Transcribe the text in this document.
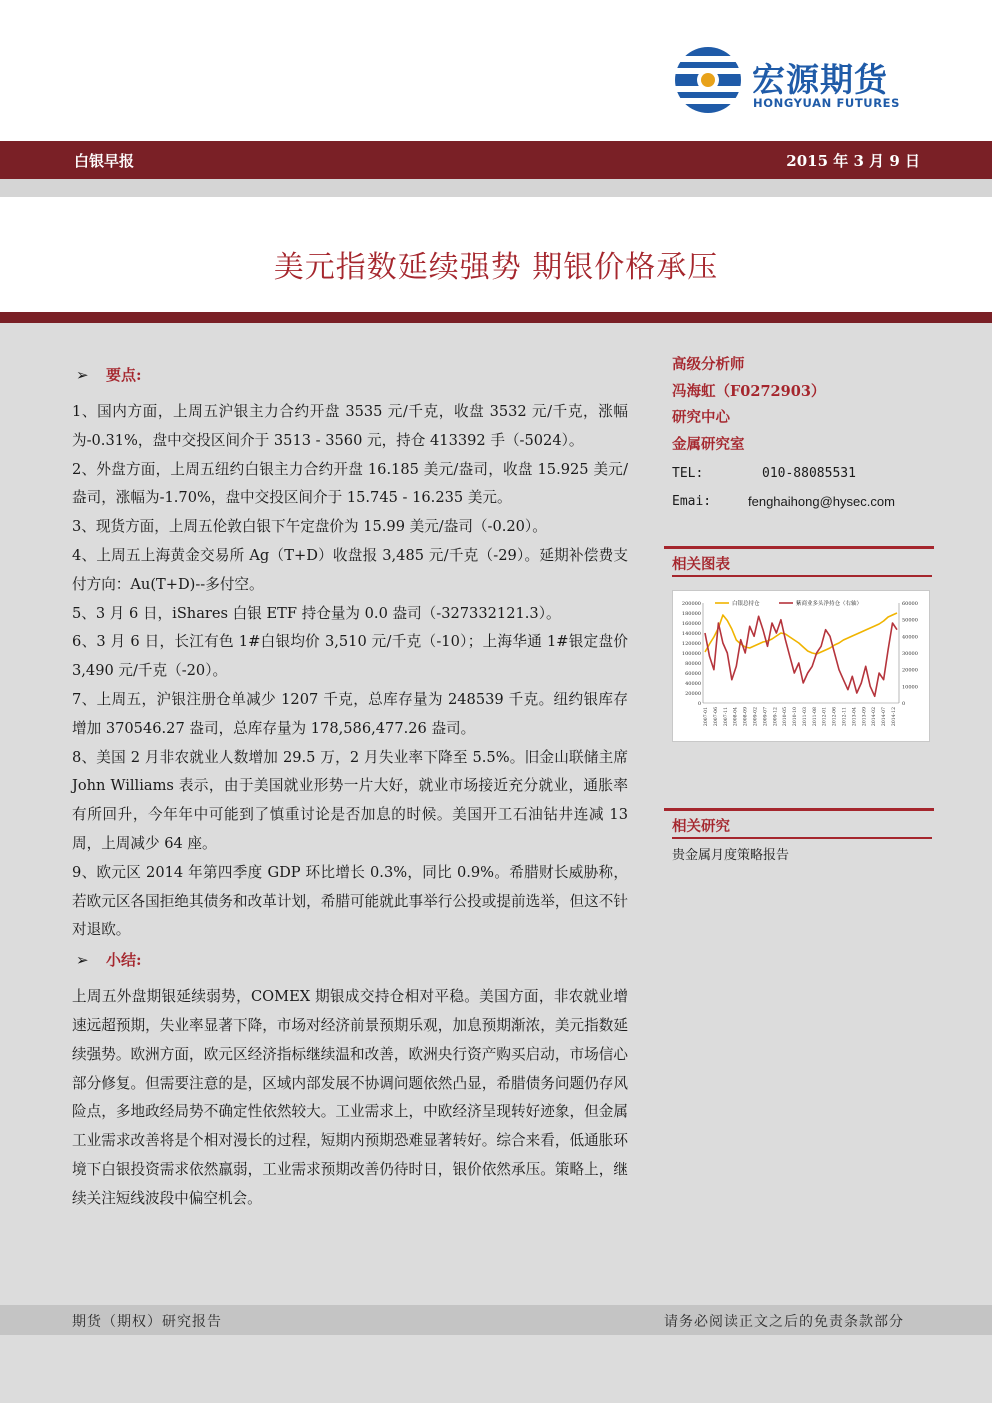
宏源期货
HONGYUAN FUTURES
白银早报	2015 年 3 月 9 日
美元指数延续强势 期银价格承压
➢	要点:
1、国内方面，上周五沪银主力合约开盘 3535 元/千克，收盘 3532 元/千克，涨幅为-0.31%，盘中交投区间介于 3513 - 3560 元，持仓 413392 手（-5024）。
2、外盘方面，上周五纽约白银主力合约开盘 16.185 美元/盎司，收盘 15.925 美元/盎司，涨幅为-1.70%，盘中交投区间介于 15.745 - 16.235 美元。
3、现货方面，上周五伦敦白银下午定盘价为 15.99 美元/盎司（-0.20）。
4、上周五上海黄金交易所 Ag（T+D）收盘报 3,485 元/千克（-29）。延期补偿费支付方向：Au(T+D)--多付空。
5、3 月 6 日，iShares 白银 ETF 持仓量为 0.0 盎司（-327332121.3）。
6、3 月 6 日，长江有色 1#白银均价 3,510 元/千克（-10）；上海华通 1#银定盘价 3,490 元/千克（-20）。
7、上周五，沪银注册仓单减少 1207 千克，总库存量为 248539 千克。纽约银库存增加 370546.27 盎司，总库存量为 178,586,477.26 盎司。
8、美国 2 月非农就业人数增加 29.5 万，2 月失业率下降至 5.5%。旧金山联储主席 John Williams 表示，由于美国就业形势一片大好，就业市场接近充分就业，通胀率有所回升，今年年中可能到了慎重讨论是否加息的时候。美国开工石油钻井连减 13 周，上周减少 64 座。
9、欧元区 2014 年第四季度 GDP 环比增长 0.3%，同比 0.9%。希腊财长威胁称，若欧元区各国拒绝其债务和改革计划，希腊可能就此事举行公投或提前选举，但这不针对退欧。
➢	小结:
上周五外盘期银延续弱势，COMEX 期银成交持仓相对平稳。美国方面，非农就业增速远超预期，失业率显著下降，市场对经济前景预期乐观，加息预期渐浓，美元指数延续强势。欧洲方面，欧元区经济指标继续温和改善，欧洲央行资产购买启动，市场信心部分修复。但需要注意的是，区域内部发展不协调问题依然凸显，希腊债务问题仍存风险点，多地政经局势不确定性依然较大。工业需求上，中欧经济呈现转好迹象，但金属工业需求改善将是个相对漫长的过程，短期内预期恐难显著转好。综合来看，低通胀环境下白银投资需求依然羸弱，工业需求预期改善仍待时日，银价依然承压。策略上，继续关注短线波段中偏空机会。
高级分析师
冯海虹（F0272903）
研究中心
金属研究室
TEL:	010-88085531
Emai:	fenghaihong@hysec.com
相关图表
0
20000
40000
60000
80000
100000
120000
140000
160000
180000
200000
0
10000
20000
30000
40000
50000
60000
2007-01 2007-06 2007-11 2008-04 2008-09 2009-02 2009-07 2009-12 2010-05 2010-10 2011-03 2011-08 2012-01 2012-06 2012-11 2013-04 2013-09 2014-02 2014-07 2014-12
白银总持仓	紫商业多头净持仓（右轴）
相关研究
贵金属月度策略报告
期货（期权）研究报告	请务必阅读正文之后的免责条款部分
